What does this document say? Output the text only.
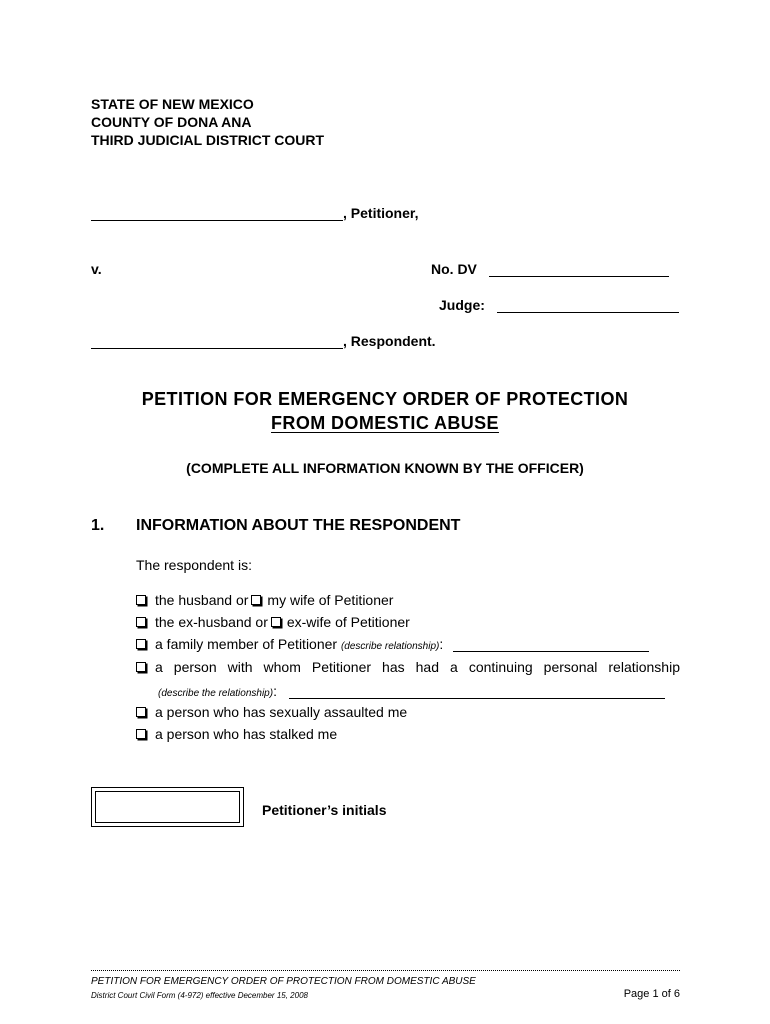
STATE OF NEW MEXICO
COUNTY OF DONA ANA
THIRD JUDICIAL DISTRICT COURT
, Petitioner,
v.	No. DV
Judge:
, Respondent.
PETITION FOR EMERGENCY ORDER OF PROTECTION
FROM DOMESTIC ABUSE
(COMPLETE ALL INFORMATION KNOWN BY THE OFFICER)
1. INFORMATION ABOUT THE RESPONDENT
The respondent is:
the husband or my wife of Petitioner
the ex-husband or ex-wife of Petitioner
a family member of Petitioner (describe relationship):
a person with whom Petitioner has had a continuing personal relationship
(describe the relationship):
a person who has sexually assaulted me
a person who has stalked me
Petitioner’s initials
PETITION FOR EMERGENCY ORDER OF PROTECTION FROM DOMESTIC ABUSE
District Court Civil Form (4-972) effective December 15, 2008	Page 1 of 6
